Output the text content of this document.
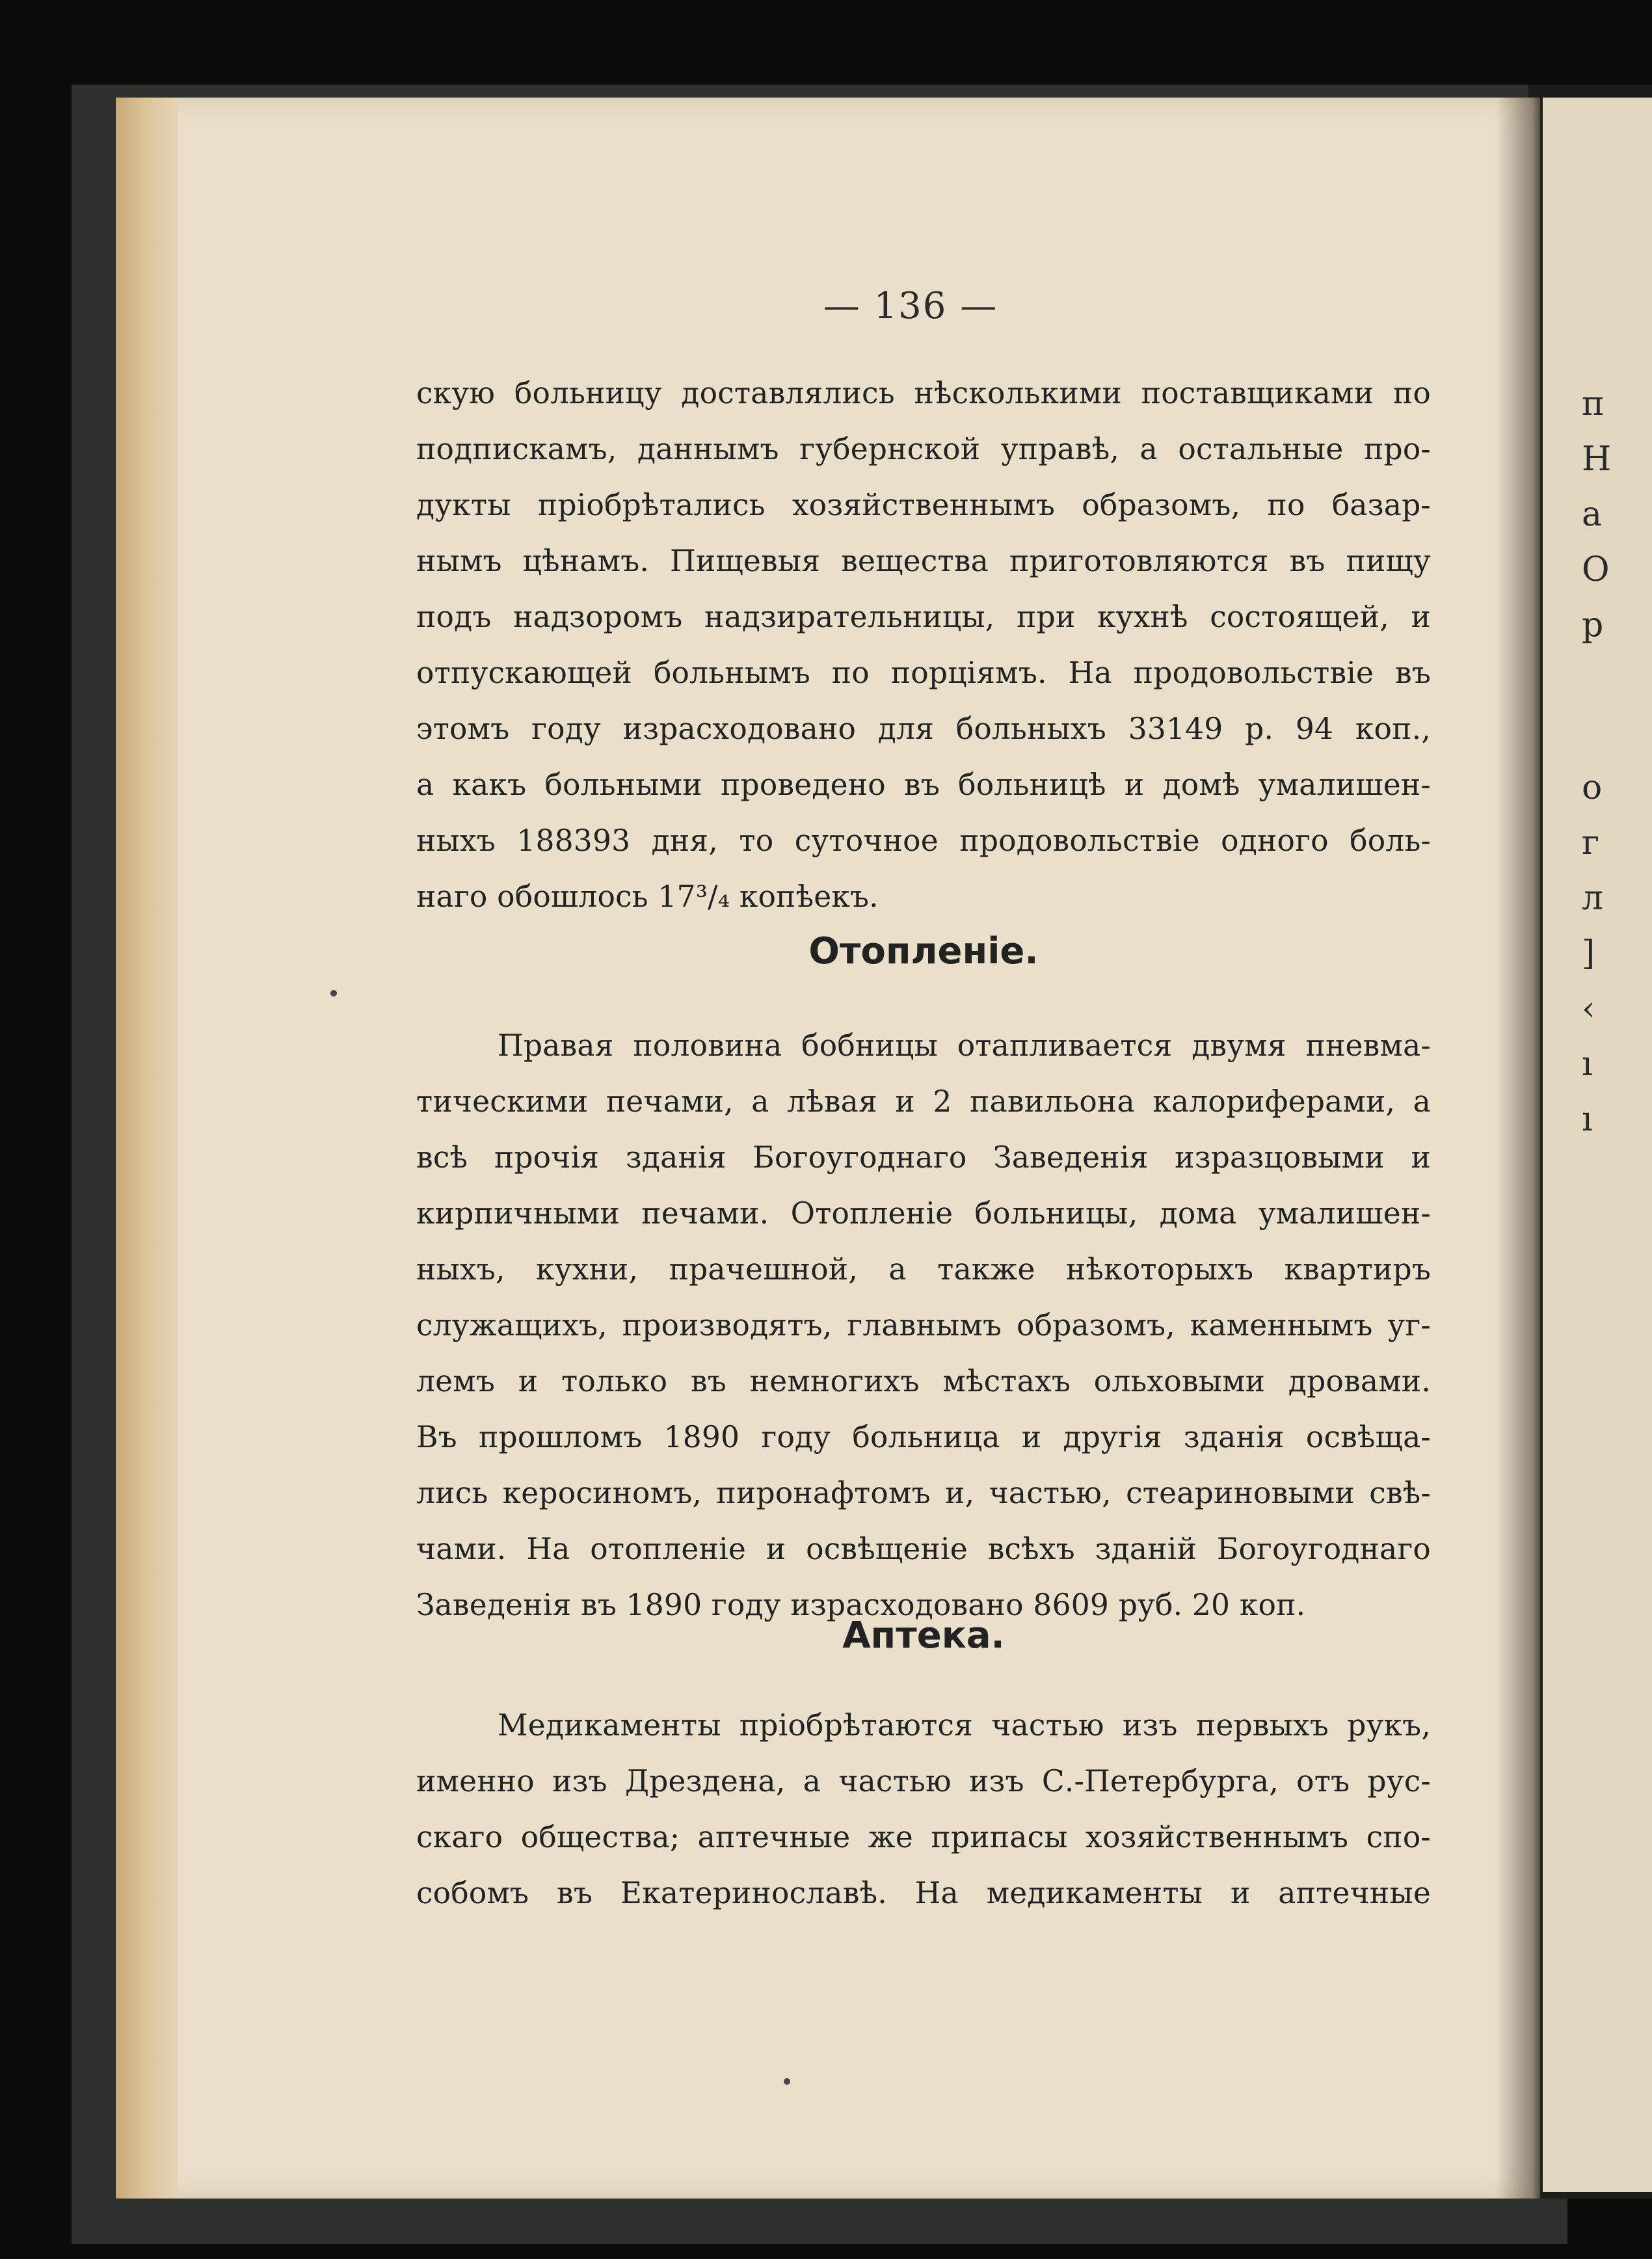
п
Н
а
О
р
о
г
л
]
‹
ı
ı
— 136 —
скую больницу доставлялись нѣсколькими поставщиками по
подпискамъ, даннымъ губернской управѣ, а остальные про-
дукты пріобрѣтались хозяйственнымъ образомъ, по базар-
нымъ цѣнамъ. Пищевыя вещества приготовляются въ пищу
подъ надзоромъ надзирательницы, при кухнѣ состоящей, и
отпускающей больнымъ по порціямъ. На продовольствіе въ
этомъ году израсходовано для больныхъ 33149 р. 94 коп.,
а какъ больными проведено въ больницѣ и домѣ умалишен-
ныхъ 188393 дня, то суточное продовольствіе одного боль-
наго обошлось 17³/₄ копѣекъ.
Отопленіе.
Правая половина бобницы отапливается двумя пневма-
тическими печами, а лѣвая и 2 павильона калориферами, а
всѣ прочія зданія Богоугоднаго Заведенія изразцовыми и
кирпичными печами. Отопленіе больницы, дома умалишен-
ныхъ, кухни, прачешной, а также нѣкоторыхъ квартиръ
служащихъ, производятъ, главнымъ образомъ, каменнымъ уг-
лемъ и только въ немногихъ мѣстахъ ольховыми дровами.
Въ прошломъ 1890 году больница и другія зданія освѣща-
лись керосиномъ, пиронафтомъ и, частью, стеариновыми свѣ-
чами. На отопленіе и освѣщеніе всѣхъ зданій Богоугоднаго
Заведенія въ 1890 году израсходовано 8609 руб. 20 коп.
Аптека.
Медикаменты пріобрѣтаются частью изъ первыхъ рукъ,
именно изъ Дрездена, а частью изъ С.-Петербурга, отъ рус-
скаго общества; аптечные же припасы хозяйственнымъ спо-
собомъ въ Екатеринославѣ. На медикаменты и аптечные
